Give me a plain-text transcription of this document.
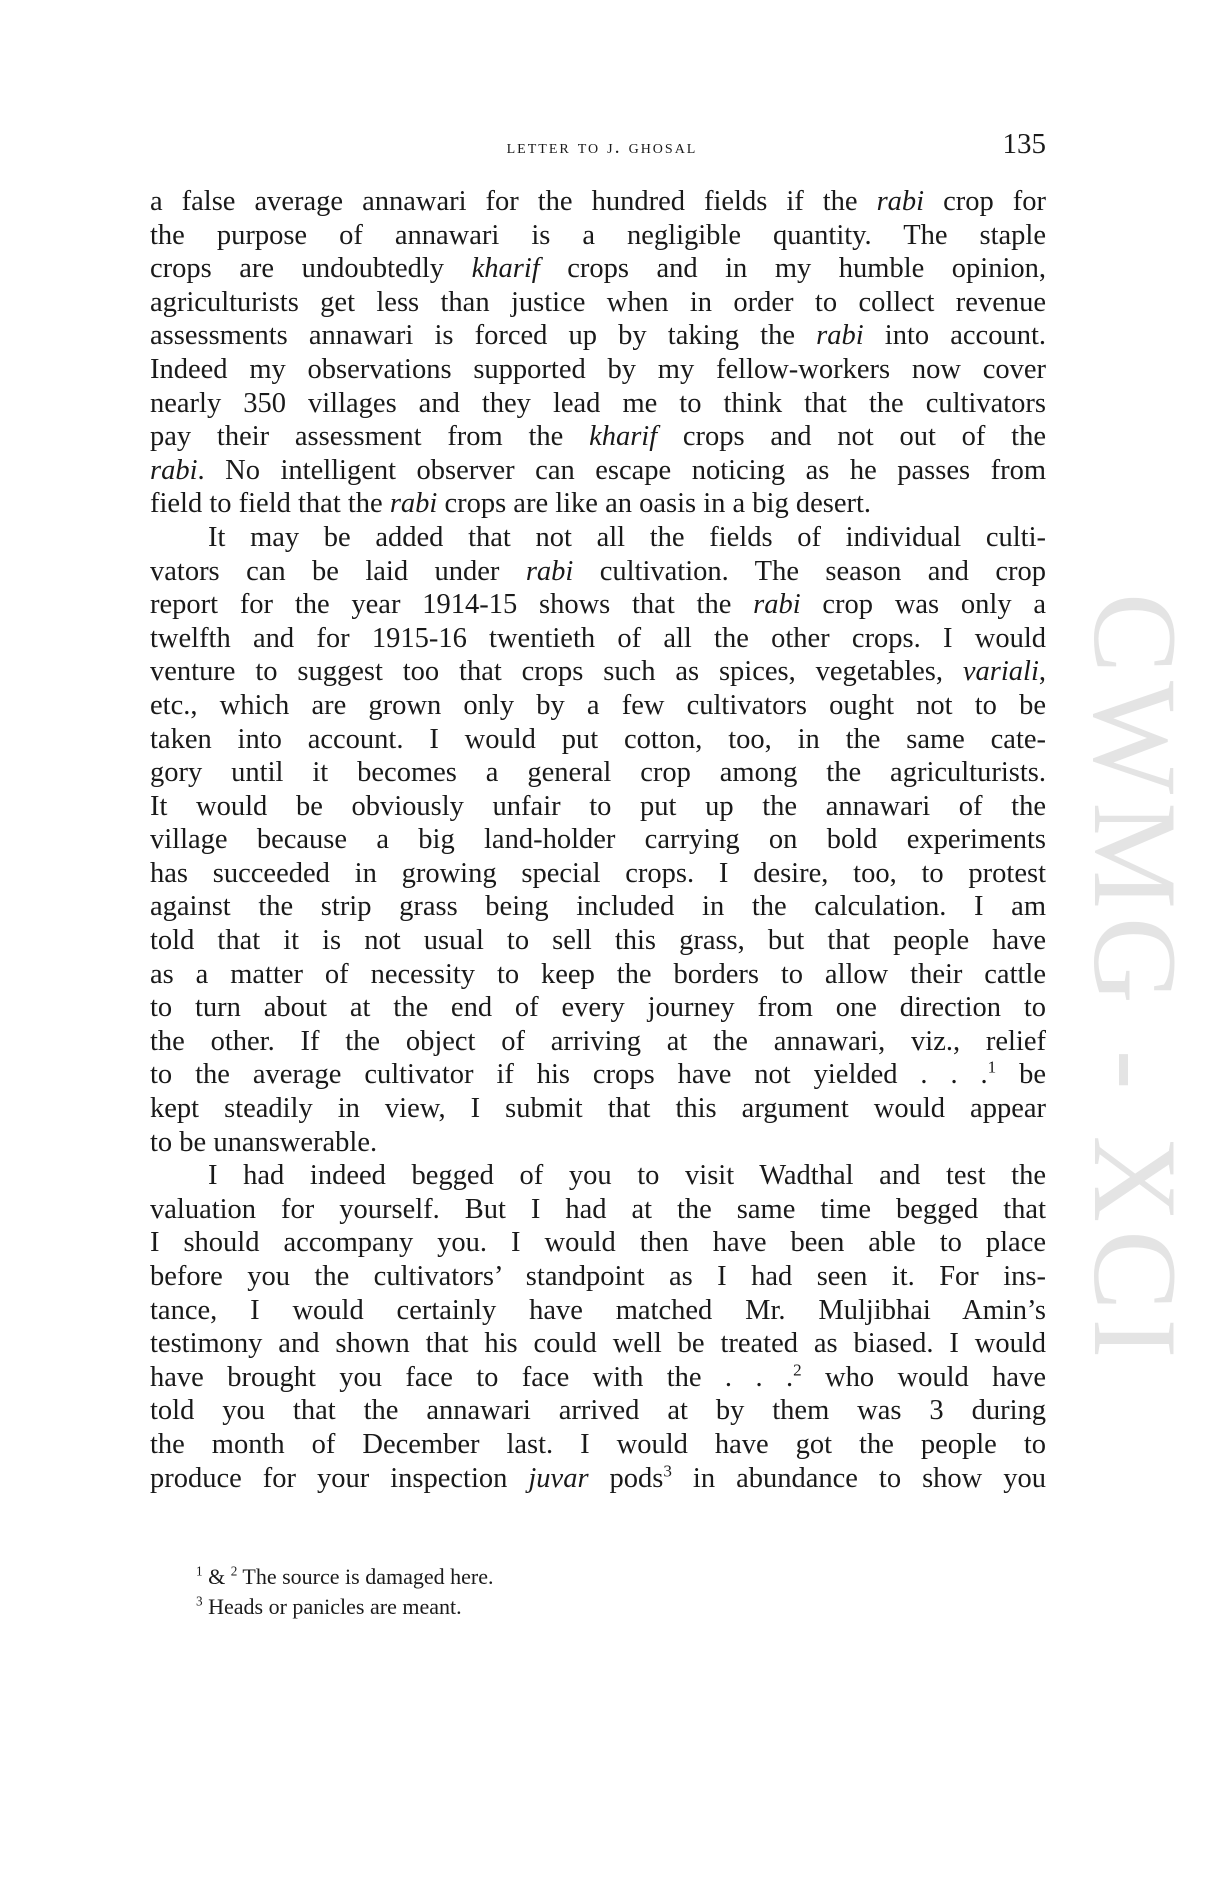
CWMG - XCI
letter to j. ghosal	135
a false average annawari for the hundred fields if the rabi crop for
the purpose of annawari is a negligible quantity. The staple
crops are undoubtedly kharif crops and in my humble opinion,
agriculturists get less than justice when in order to collect revenue
assessments annawari is forced up by taking the rabi into account.
Indeed my observations supported by my fellow-workers now cover
nearly 350 villages and they lead me to think that the cultivators
pay their assessment from the kharif crops and not out of the
rabi. No intelligent observer can escape noticing as he passes from
field to field that the rabi crops are like an oasis in a big desert.
It may be added that not all the fields of individual culti-
vators can be laid under rabi cultivation. The season and crop
report for the year 1914-15 shows that the rabi crop was only a
twelfth and for 1915-16 twentieth of all the other crops. I would
venture to suggest too that crops such as spices, vegetables, variali,
etc., which are grown only by a few cultivators ought not to be
taken into account. I would put cotton, too, in the same cate-
gory until it becomes a general crop among the agriculturists.
It would be obviously unfair to put up the annawari of the
village because a big land-holder carrying on bold experiments
has succeeded in growing special crops. I desire, too, to protest
against the strip grass being included in the calculation. I am
told that it is not usual to sell this grass, but that people have
as a matter of necessity to keep the borders to allow their cattle
to turn about at the end of every journey from one direction to
the other. If the object of arriving at the annawari, viz., relief
to the average cultivator if his crops have not yielded . . .$^1$ be
kept steadily in view, I submit that this argument would appear
to be unanswerable.
I had indeed begged of you to visit Wadthal and test the
valuation for yourself. But I had at the same time begged that
I should accompany you. I would then have been able to place
before you the cultivators’ standpoint as I had seen it. For ins-
tance, I would certainly have matched Mr. Muljibhai Amin’s
testimony and shown that his could well be treated as biased. I would
have brought you face to face with the . . .$^2$ who would have
told you that the annawari arrived at by them was 3 during
the month of December last. I would have got the people to
produce for your inspection juvar pods$^3$ in abundance to show you
$^1$ & $^2$ The source is damaged here.
$^3$ Heads or panicles are meant.
